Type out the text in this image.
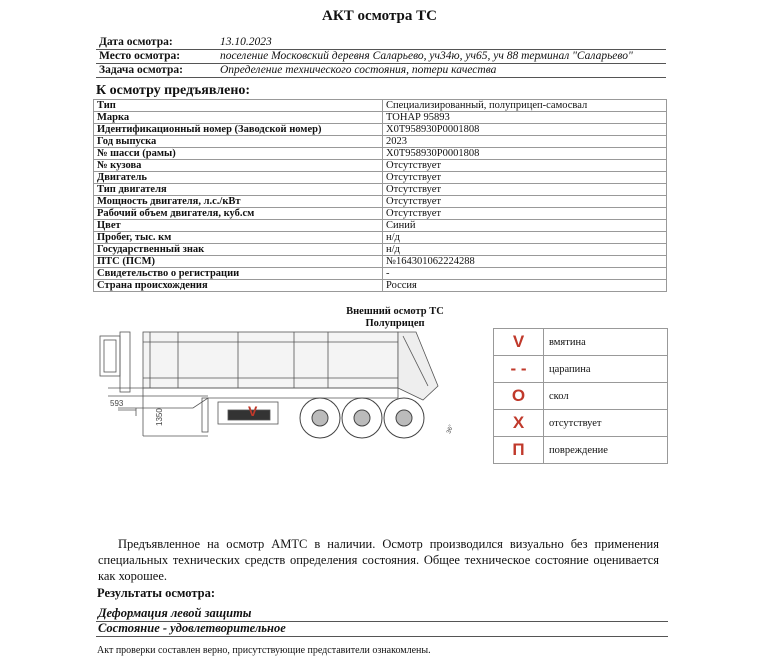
АКТ осмотра ТС
Дата осмотра:	13.10.2023
Место осмотра:	поселение Московский деревня Саларьево, уч34ю, уч65, уч 88 терминал "Саларьево"
Задача осмотра:	Определение технического состояния, потери качества
К осмотру предъявлено:
Тип	Специализированный, полуприцеп-самосвал
Марка	ТОНАР 95893
Идентификационный номер (Заводской номер)	X0T958930P0001808
Год выпуска	2023
№ шасси (рамы)	X0T958930P0001808
№ кузова	Отсутствует
Двигатель	Отсутствует
Тип двигателя	Отсутствует
Мощность двигателя, л.с./кВт	Отсутствует
Рабочий объем двигателя, куб.см	Отсутствует
Цвет	Синий
Пробег, тыс. км	н/д
Государственный знак	н/д
ПТС (ПСМ)	№164301062224288
Свидетельство о регистрации	-
Страна происхождения	Россия
Внешний осмотр ТС
Полуприцеп
593
1350
36°
V
V	вмятина
- -	царапина
O	скол
X	отсутствует
П	повреждение
Предъявленное на осмотр АМТС в наличии. Осмотр производился визуально без применения специальных технических средств определения состояния. Общее техническое состояние оценивается как хорошее.
Результаты осмотра:
Деформация левой защиты
Состояние - удовлетворительное
Акт проверки составлен верно, присутствующие представители ознакомлены.
